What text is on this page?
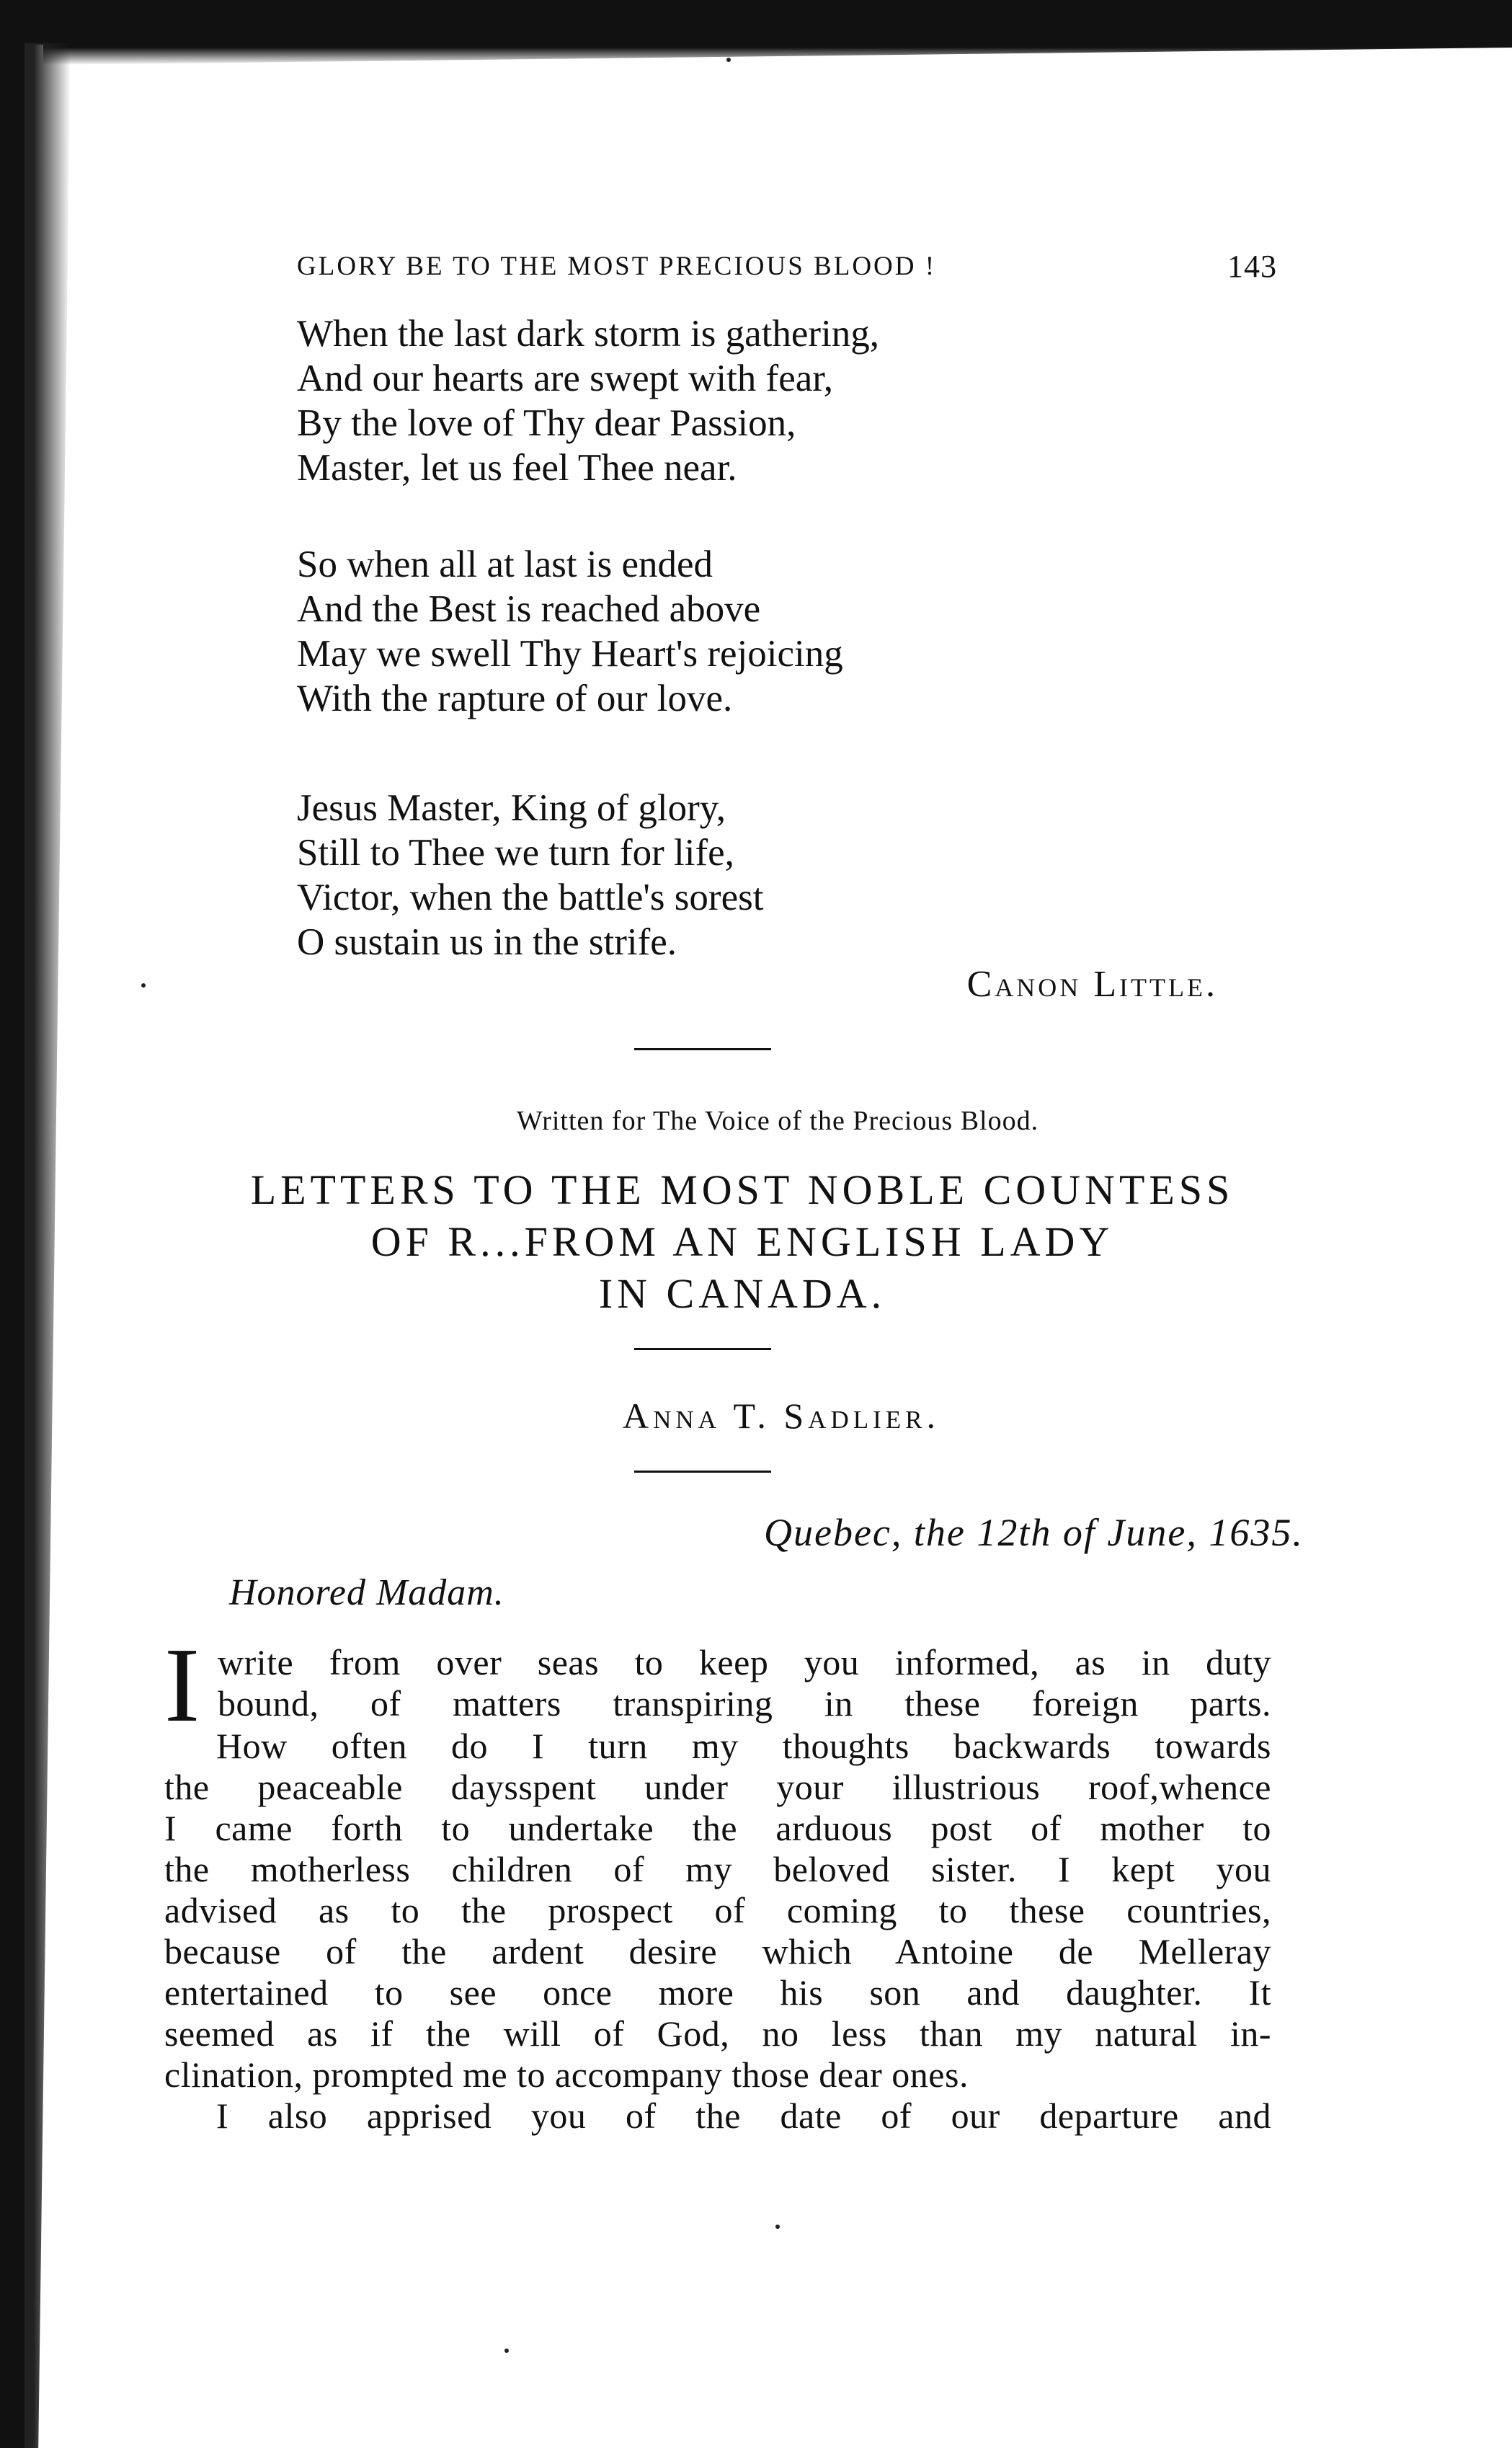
GLORY BE TO THE MOST PRECIOUS BLOOD !	143
When the last dark storm is gathering,
And our hearts are swept with fear,
By the love of Thy dear Passion,
Master, let us feel Thee near.
So when all at last is ended
And the Best is reached above
May we swell Thy Heart's rejoicing
With the rapture of our love.
Jesus Master, King of glory,
Still to Thee we turn for life,
Victor, when the battle's sorest
O sustain us in the strife.
Canon Little.
Written for The Voice of the Precious Blood.
LETTERS TO THE MOST NOBLE COUNTESS
OF R...FROM AN ENGLISH LADY
IN CANADA.
Anna T. Sadlier.
Quebec, the 12th of June, 1635.
Honored Madam.
I write from over seas to keep you informed, as in duty
bound, of matters transpiring in these foreign parts.
How often do I turn my thoughts backwards towards
the peaceable daysspent under your illustrious roof,whence
I came forth to undertake the arduous post of mother to
the motherless children of my beloved sister. I kept you
advised as to the prospect of coming to these countries,
because of the ardent desire which Antoine de Melleray
entertained to see once more his son and daughter. It
seemed as if the will of God, no less than my natural in-
clination, prompted me to accompany those dear ones.
I also apprised you of the date of our departure and
